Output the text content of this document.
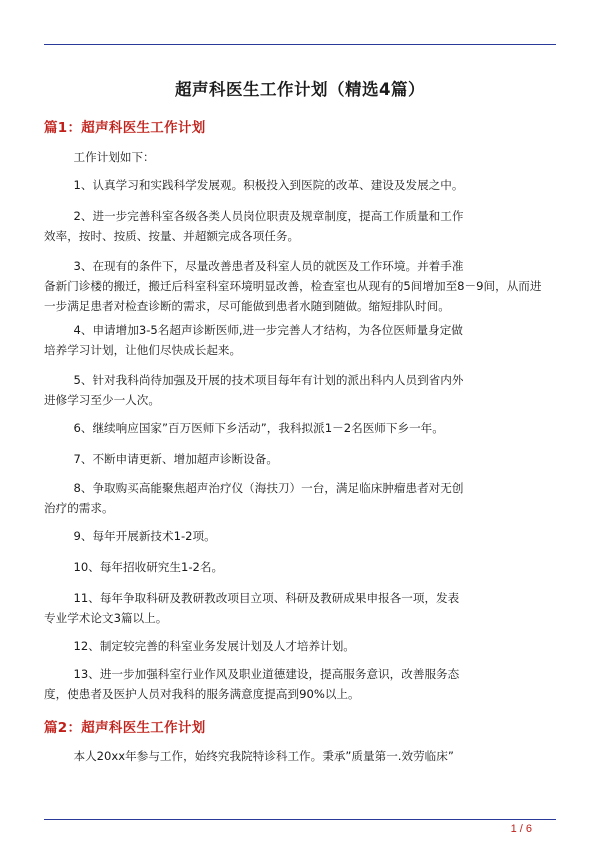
超声科医生工作计划（精选4篇）
篇1：超声科医生工作计划
工作计划如下：
1、认真学习和实践科学发展观。积极投入到医院的改革、建设及发展之中。
2、进一步完善科室各级各类人员岗位职责及规章制度，提高工作质量和工作
效率，按时、按质、按量、并超额完成各项任务。
3、在现有的条件下，尽量改善患者及科室人员的就医及工作环境。并着手准
备新门诊楼的搬迁，搬迁后科室科室环境明显改善，检查室也从现有的5间增加至8－9间，从而进
一步满足患者对检查诊断的需求，尽可能做到患者水随到随做。缩短排队时间。
4、申请增加3-5名超声诊断医师,进一步完善人才结构，为各位医师量身定做
培养学习计划，让他们尽快成长起来。
5、针对我科尚待加强及开展的技术项目每年有计划的派出科内人员到省内外
进修学习至少一人次。
6、继续响应国家”百万医师下乡活动”，我科拟派1－2名医师下乡一年。
7、不断申请更新、增加超声诊断设备。
8、争取购买高能聚焦超声治疗仪（海扶刀）一台，满足临床肿瘤患者对无创
治疗的需求。
9、每年开展新技术1-2项。
10、每年招收研究生1-2名。
11、每年争取科研及教研教改项目立项、科研及教研成果申报各一项，发表
专业学术论文3篇以上。
12、制定较完善的科室业务发展计划及人才培养计划。
13、进一步加强科室行业作风及职业道德建设，提高服务意识，改善服务态
度，使患者及医护人员对我科的服务满意度提高到90%以上。
篇2：超声科医生工作计划
本人20xx年参与工作，始终究我院特诊科工作。秉承”质量第一.效劳临床”
1 / 6
